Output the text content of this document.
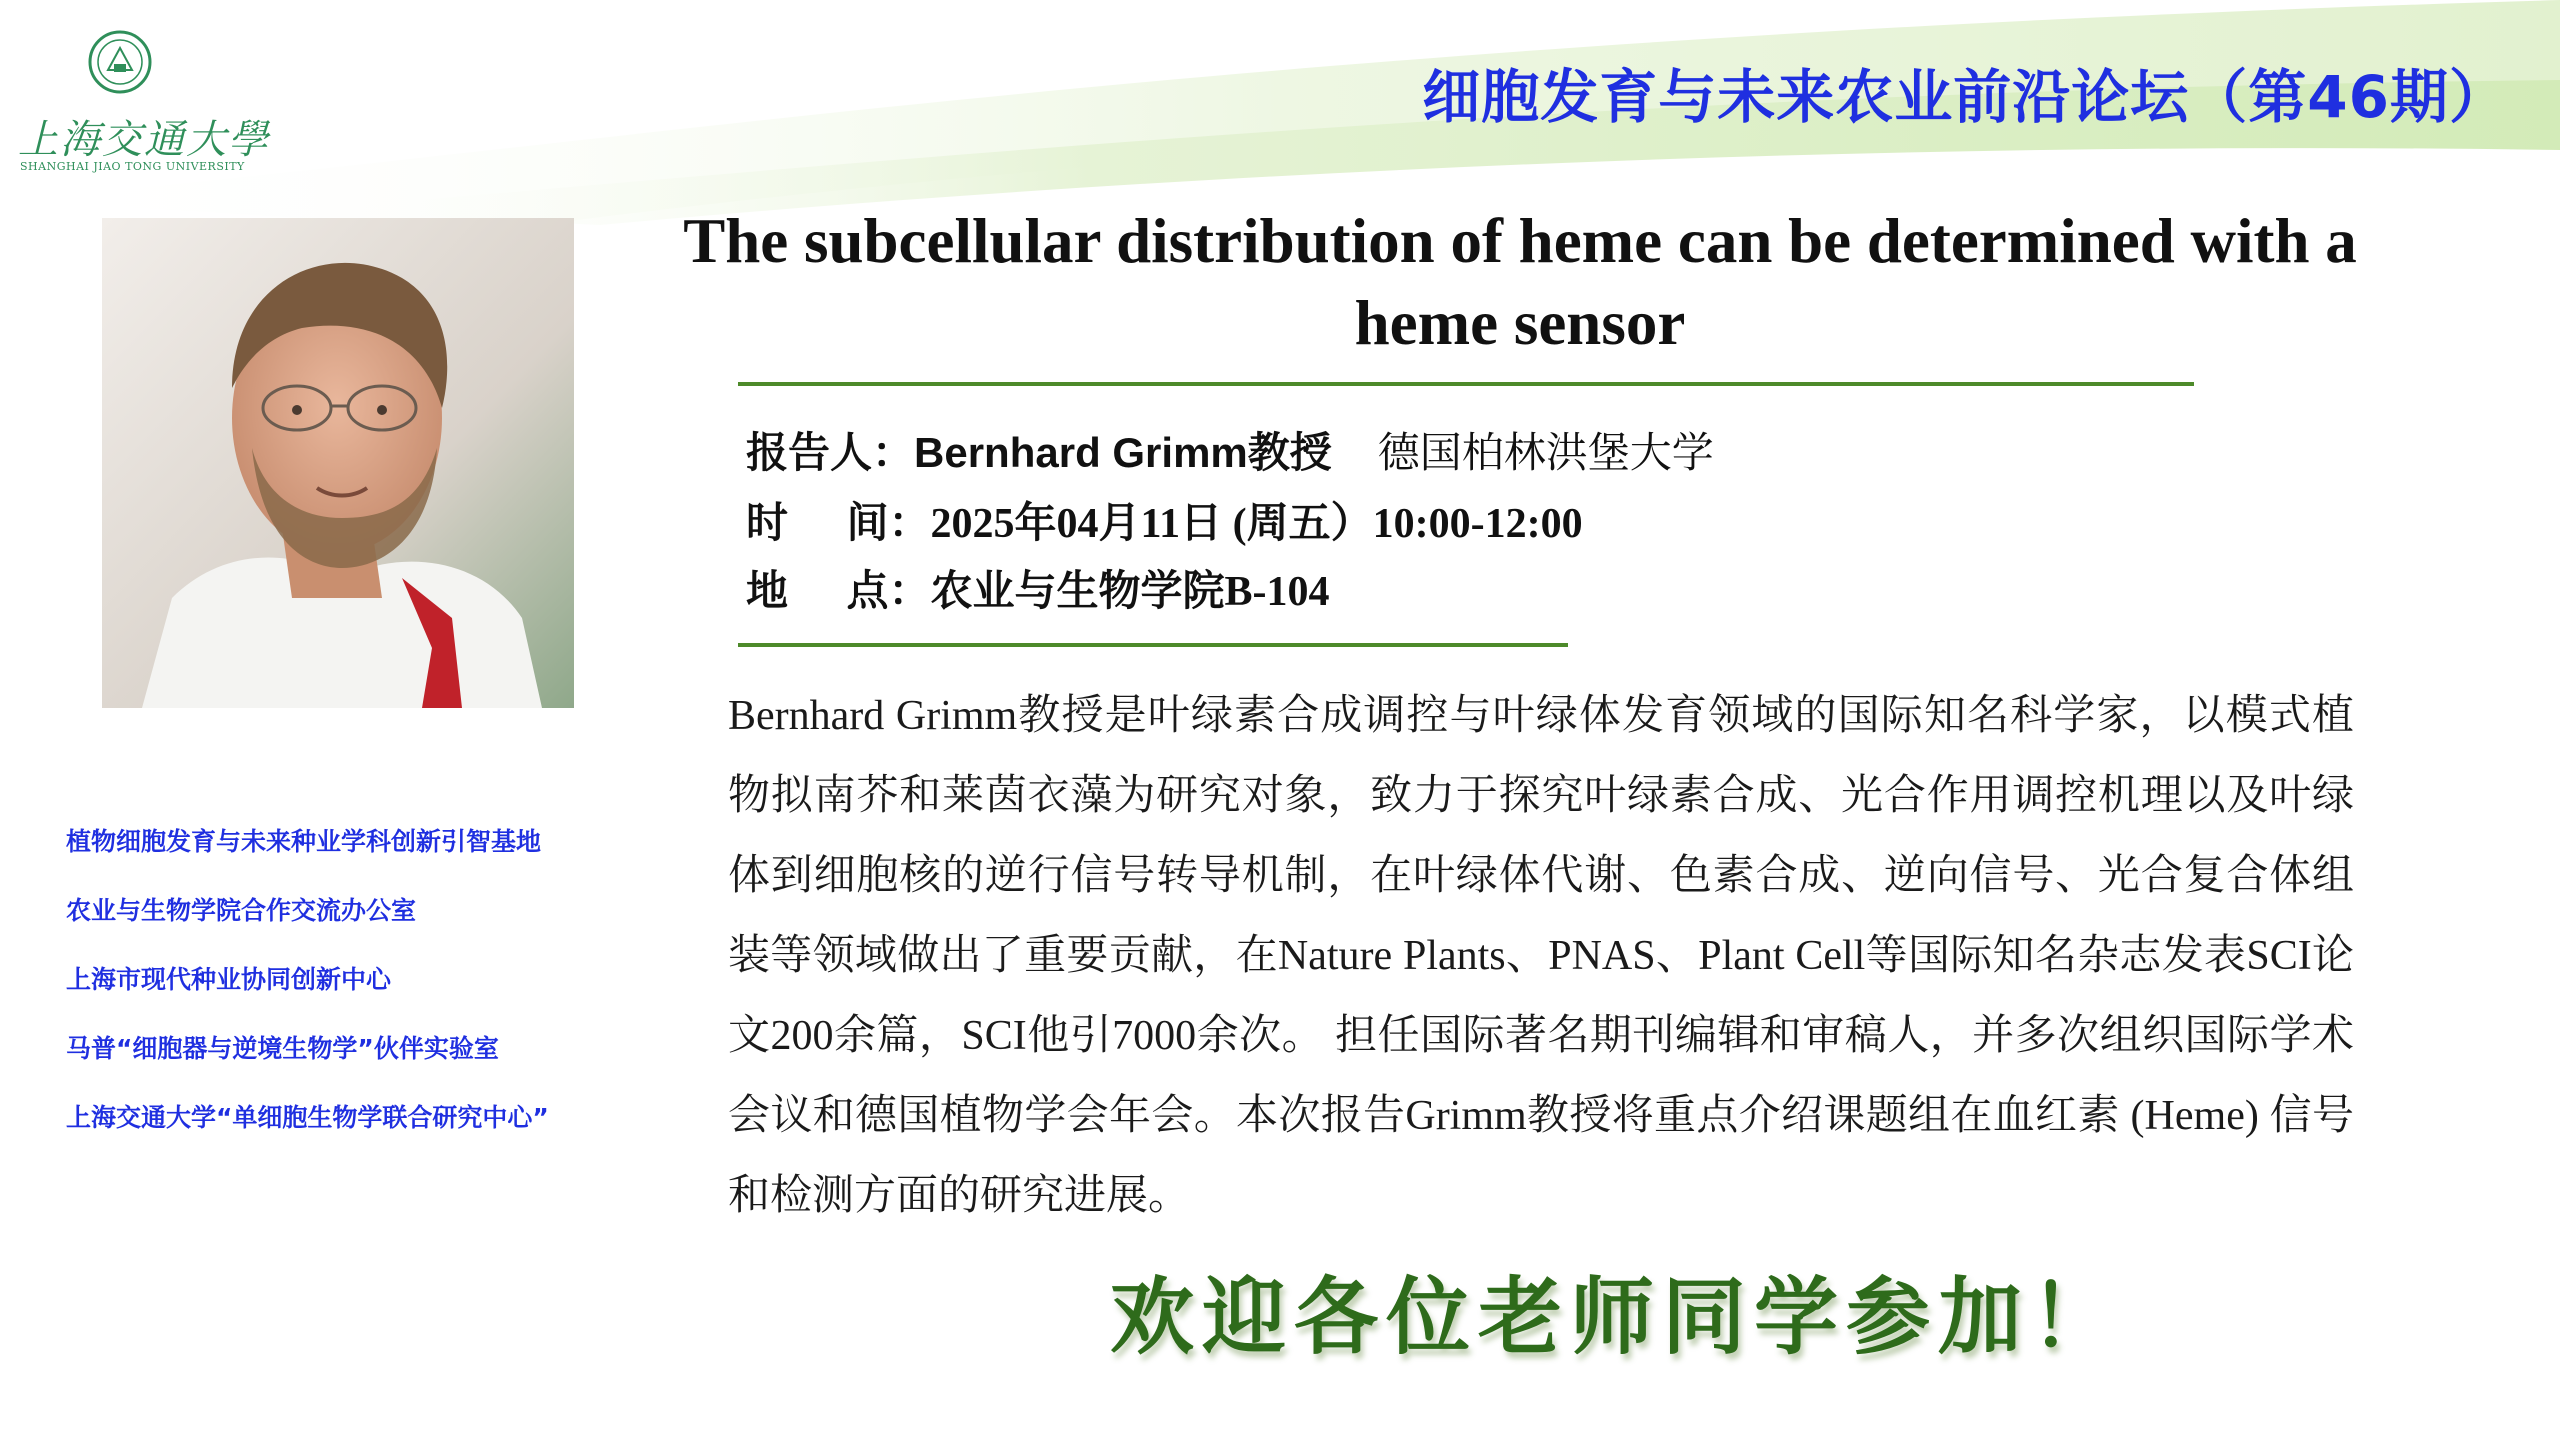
上海交通大學
SHANGHAI JIAO TONG UNIVERSITY
细胞发育与未来农业前沿论坛（第46期）
The subcellular distribution of heme can be determined with a heme sensor
报告人：Bernhard Grimm教授 德国柏林洪堡大学
时    间：2025年04月11日 (周五）10:00-12:00
地    点：农业与生物学院B-104
Bernhard Grimm教授是叶绿素合成调控与叶绿体发育领域的国际知名科学家，以模式植物拟南芥和莱茵衣藻为研究对象，致力于探究叶绿素合成、光合作用调控机理以及叶绿体到细胞核的逆行信号转导机制，在叶绿体代谢、色素合成、逆向信号、光合复合体组装等领域做出了重要贡献，在Nature Plants、PNAS、Plant Cell等国际知名杂志发表SCI论文200余篇，SCI他引7000余次。 担任国际著名期刊编辑和审稿人，并多次组织国际学术会议和德国植物学会年会。本次报告Grimm教授将重点介绍课题组在血红素 (Heme) 信号和检测方面的研究进展。
植物细胞发育与未来种业学科创新引智基地
农业与生物学院合作交流办公室
上海市现代种业协同创新中心
马普“细胞器与逆境生物学”伙伴实验室
上海交通大学“单细胞生物学联合研究中心”
欢迎各位老师同学参加！
